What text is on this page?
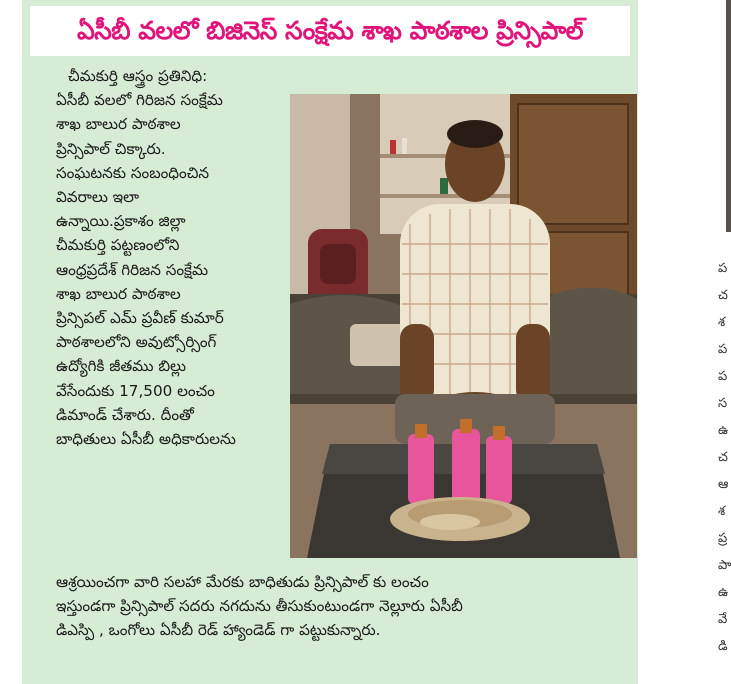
ఏసీబీ వలలో బిజినెస్ సంక్షేమ శాఖ పాఠశాల ప్రిన్సిపాల్
చీమకుర్తి ఆస్త్రం ప్రతినిధి:
ఏసీబీ వలలో గిరిజన సంక్షేమ
శాఖ బాలుర పాఠశాల
ప్రిన్సిపాల్ చిక్కారు.
సంఘటనకు సంబంధించిన
వివరాలు ఇలా
ఉన్నాయి.ప్రకాశం జిల్లా
చీమకుర్తి పట్టణంలోని
ఆంధ్రప్రదేశ్ గిరిజన సంక్షేమ
శాఖ బాలుర పాఠశాల
ప్రిన్సిపల్ ఎమ్ ప్రవీణ్ కుమార్
పాఠశాలలోని అవుట్సోర్సింగ్
ఉద్యోగికి జీతము బిల్లు
వేసేందుకు 17,500 లంచం
డిమాండ్ చేశారు. దీంతో
బాధితులు ఏసీబీ అధికారులను
ఆశ్రయించగా వారి సలహా మేరకు బాధితుడు ప్రిన్సిపాల్ కు లంచం
ఇస్తుండగా ప్రిన్సిపాల్ సదరు నగదును తీసుకుంటుండగా నెల్లూరు ఏసీబీ
డిఎస్పి , ఒంగోలు ఏసీబీ రెడ్ హ్యాండెడ్ గా పట్టుకున్నారు.
ప
చ
శ
ప
ప
స
ఉ
చ
ఆ
శ
ప్ర
పా
ఉ
వే
డి
